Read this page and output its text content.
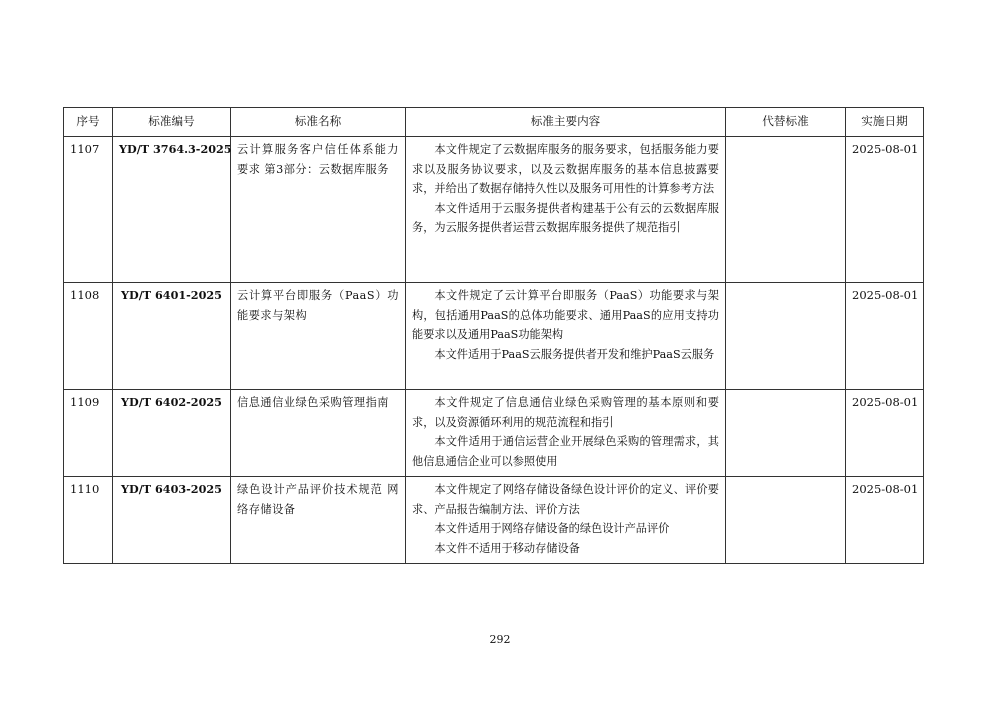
序号	标准编号	标准名称	标准主要内容	代替标准	实施日期
1107	YD/T 3764.3-2025	云计算服务客户信任体系能力要求 第3部分：云数据库服务	本文件规定了云数据库服务的服务要求，包括服务能力要求以及服务协议要求，以及云数据库服务的基本信息披露要求，并给出了数据存储持久性以及服务可用性的计算参考方法

本文件适用于云服务提供者构建基于公有云的云数据库服务，为云服务提供者运营云数据库服务提供了规范指引		2025-08-01
1108	YD/T 6401-2025	云计算平台即服务（PaaS）功能要求与架构	本文件规定了云计算平台即服务（PaaS）功能要求与架构，包括通用PaaS的总体功能要求、通用PaaS的应用支持功能要求以及通用PaaS功能架构

本文件适用于PaaS云服务提供者开发和维护PaaS云服务		2025-08-01
1109	YD/T 6402-2025	信息通信业绿色采购管理指南	本文件规定了信息通信业绿色采购管理的基本原则和要求，以及资源循环利用的规范流程和指引

本文件适用于通信运营企业开展绿色采购的管理需求，其他信息通信企业可以参照使用		2025-08-01
1110	YD/T 6403-2025	绿色设计产品评价技术规范 网络存储设备	本文件规定了网络存储设备绿色设计评价的定义、评价要求、产品报告编制方法、评价方法

本文件适用于网络存储设备的绿色设计产品评价

本文件不适用于移动存储设备		2025-08-01
292
